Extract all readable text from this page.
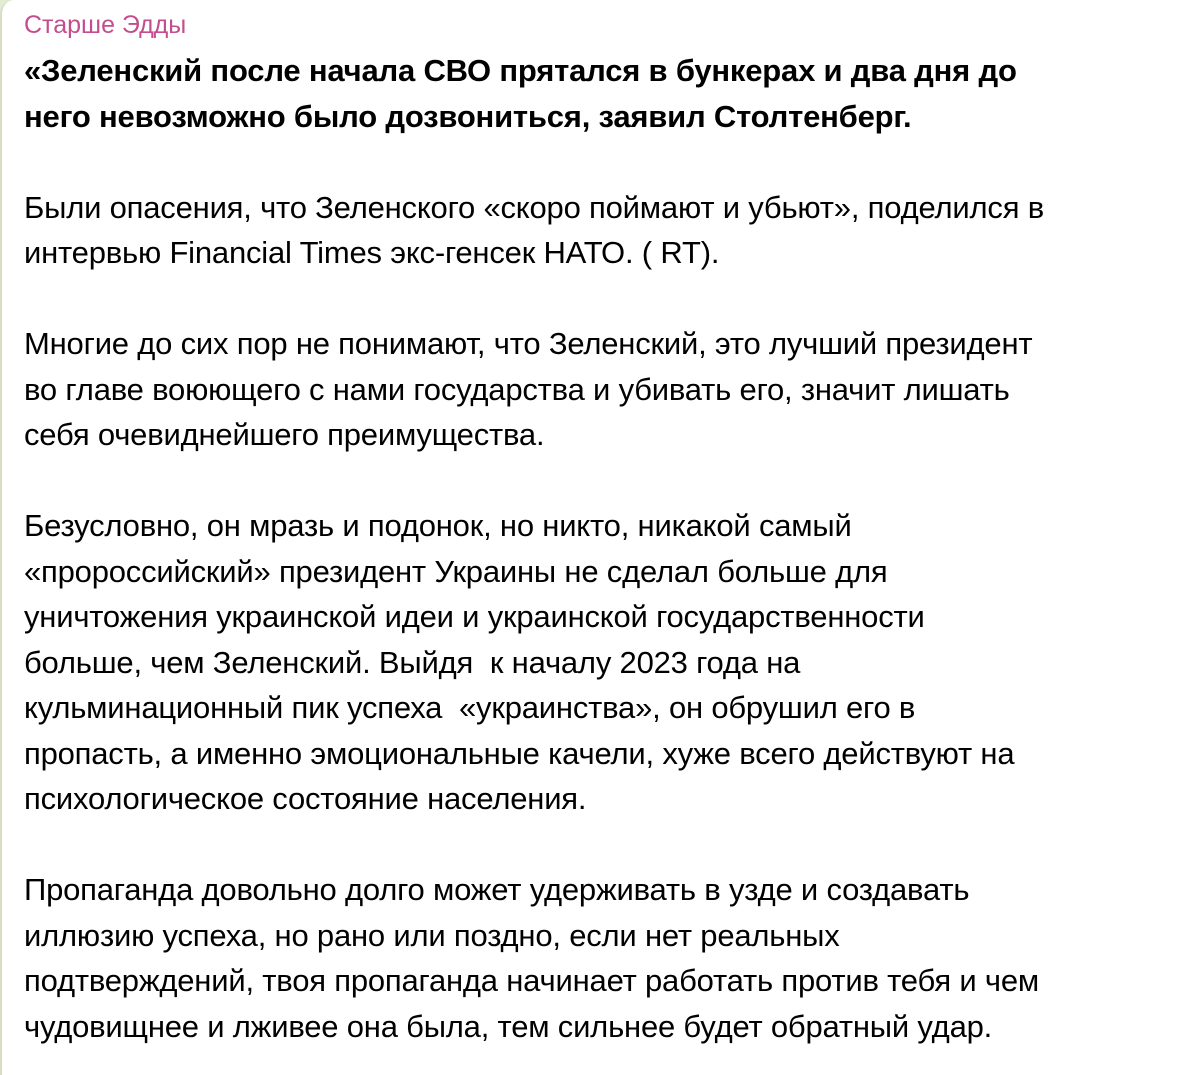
Старше Эдды

«Зеленский после начала СВО прятался в бункерах и два дня до
него невозможно было дозвониться, заявил Столтенберг.

Были опасения, что Зеленского «скоро поймают и убьют», поделился в
интервью Financial Times экс-генсек НАТО. ( RT).

Многие до сих пор не понимают, что Зеленский, это лучший президент
во главе воюющего с нами государства и убивать его, значит лишать
себя очевиднейшего преимущества.

Безусловно, он мразь и подонок, но никто, никакой самый
«пророссийский» президент Украины не сделал больше для
уничтожения украинской идеи и украинской государственности
больше, чем Зеленский. Выйдя  к началу 2023 года на
кульминационный пик успеха  «украинства», он обрушил его в
пропасть, а именно эмоциональные качели, хуже всего действуют на
психологическое состояние населения.

Пропаганда довольно долго может удерживать в узде и создавать
иллюзию успеха, но рано или поздно, если нет реальных
подтверждений, твоя пропаганда начинает работать против тебя и чем
чудовищнее и лживее она была, тем сильнее будет обратный удар.
